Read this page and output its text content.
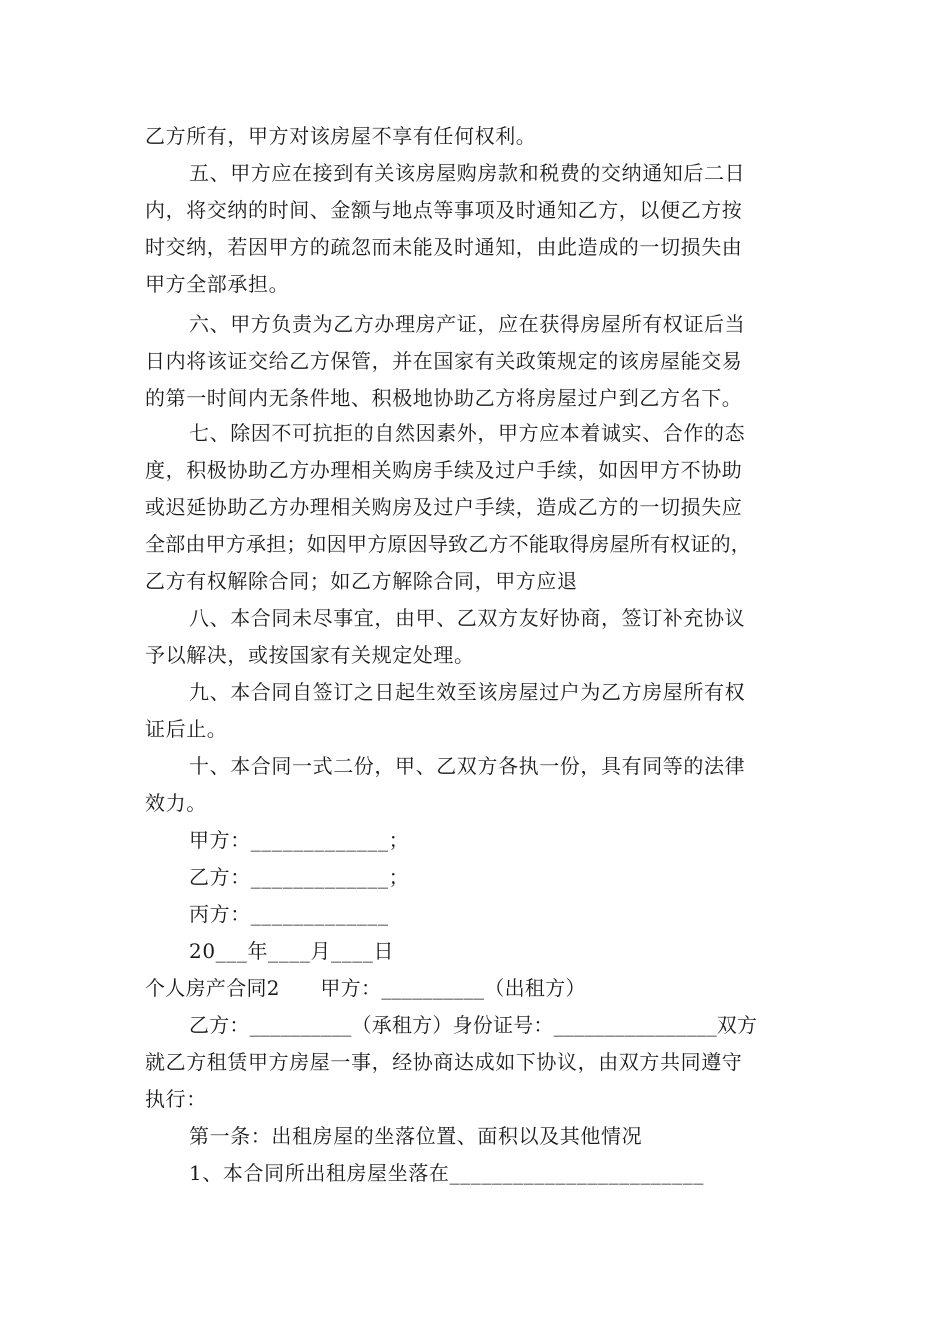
乙方所有，甲方对该房屋不享有任何权利。
五、甲方应在接到有关该房屋购房款和税费的交纳通知后二日
内，将交纳的时间、金额与地点等事项及时通知乙方，以便乙方按
时交纳，若因甲方的疏忽而未能及时通知，由此造成的一切损失由
甲方全部承担。
六、甲方负责为乙方办理房产证，应在获得房屋所有权证后当
日内将该证交给乙方保管，并在国家有关政策规定的该房屋能交易
的第一时间内无条件地、积极地协助乙方将房屋过户到乙方名下。
七、除因不可抗拒的自然因素外，甲方应本着诚实、合作的态
度，积极协助乙方办理相关购房手续及过户手续，如因甲方不协助
或迟延协助乙方办理相关购房及过户手续，造成乙方的一切损失应
全部由甲方承担；如因甲方原因导致乙方不能取得房屋所有权证的，
乙方有权解除合同；如乙方解除合同，甲方应退
八、本合同未尽事宜，由甲、乙双方友好协商，签订补充协议
予以解决，或按国家有关规定处理。
九、本合同自签订之日起生效至该房屋过户为乙方房屋所有权
证后止。
十、本合同一式二份，甲、乙双方各执一份，具有同等的法律
效力。
甲方：_____________；
乙方：_____________；
丙方：_____________
20___年____月____日
个人房产合同2　　甲方：__________（出租方）
乙方：__________（承租方）身份证号：________________双方
就乙方租赁甲方房屋一事，经协商达成如下协议，由双方共同遵守
执行：
第一条：出租房屋的坐落位置、面积以及其他情况
1、本合同所出租房屋坐落在________________________
